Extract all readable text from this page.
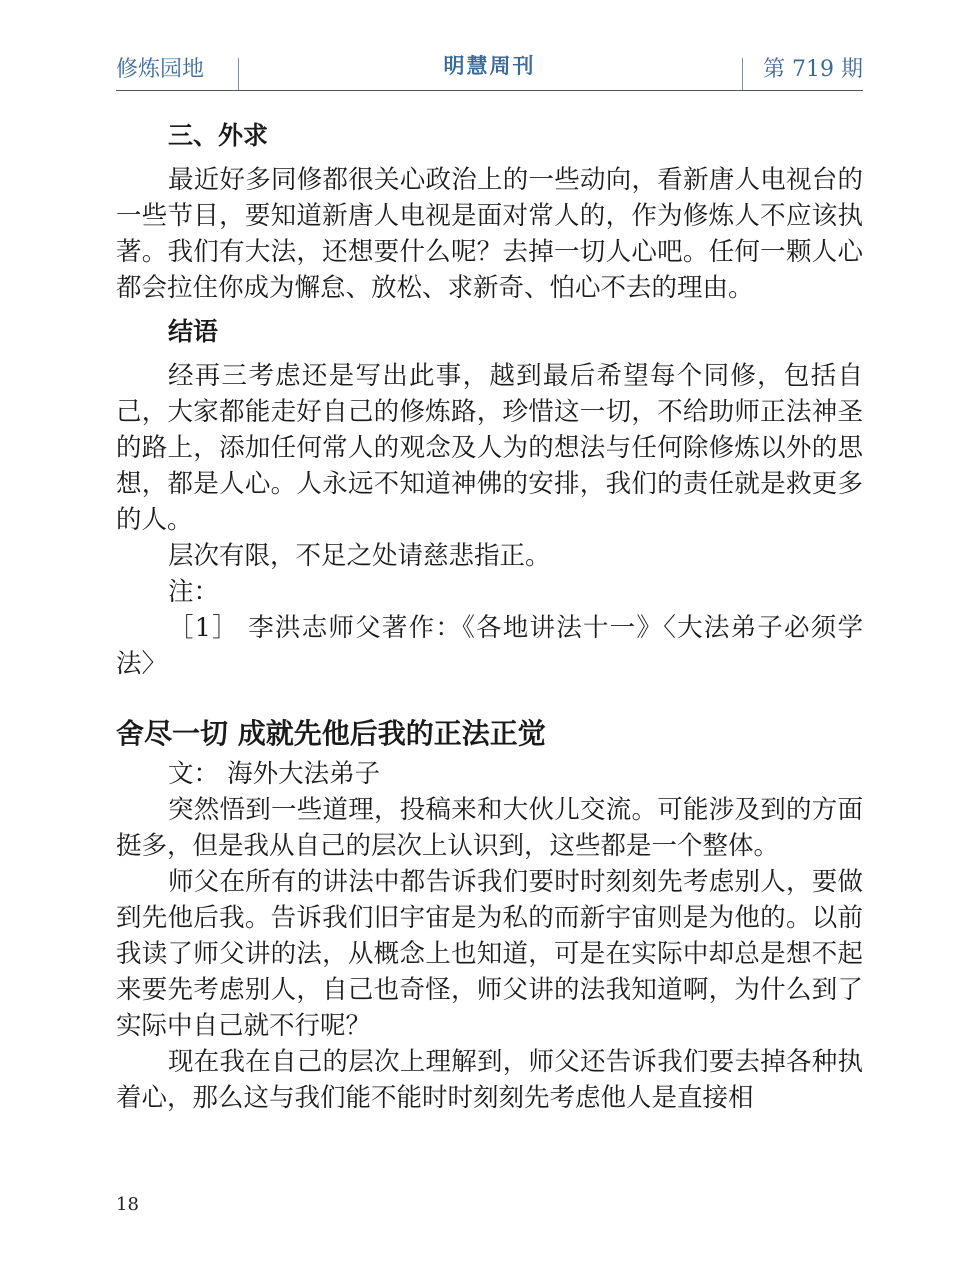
修炼园地	明慧周刊	第 719 期

三、外求

最近好多同修都很关心政治上的一些动向，看新唐人电视台的一些节目，要知道新唐人电视是面对常人的，作为修炼人不应该执著。我们有大法，还想要什么呢？去掉一切人心吧。任何一颗人心都会拉住你成为懈怠、放松、求新奇、怕心不去的理由。

结语

经再三考虑还是写出此事，越到最后希望每个同修，包括自己，大家都能走好自己的修炼路，珍惜这一切，不给助师正法神圣的路上，添加任何常人的观念及人为的想法与任何除修炼以外的思想，都是人心。人永远不知道神佛的安排，我们的责任就是救更多的人。

层次有限，不足之处请慈悲指正。

注：

［1］ 李洪志师父著作：《各地讲法十一》〈大法弟子必须学法〉

舍尽一切 成就先他后我的正法正觉

文： 海外大法弟子

突然悟到一些道理，投稿来和大伙儿交流。可能涉及到的方面挺多，但是我从自己的层次上认识到，这些都是一个整体。

师父在所有的讲法中都告诉我们要时时刻刻先考虑别人，要做到先他后我。告诉我们旧宇宙是为私的而新宇宙则是为他的。以前我读了师父讲的法，从概念上也知道，可是在实际中却总是想不起来要先考虑别人，自己也奇怪，师父讲的法我知道啊，为什么到了实际中自己就不行呢？

现在我在自己的层次上理解到，师父还告诉我们要去掉各种执着心，那么这与我们能不能时时刻刻先考虑他人是直接相

18
